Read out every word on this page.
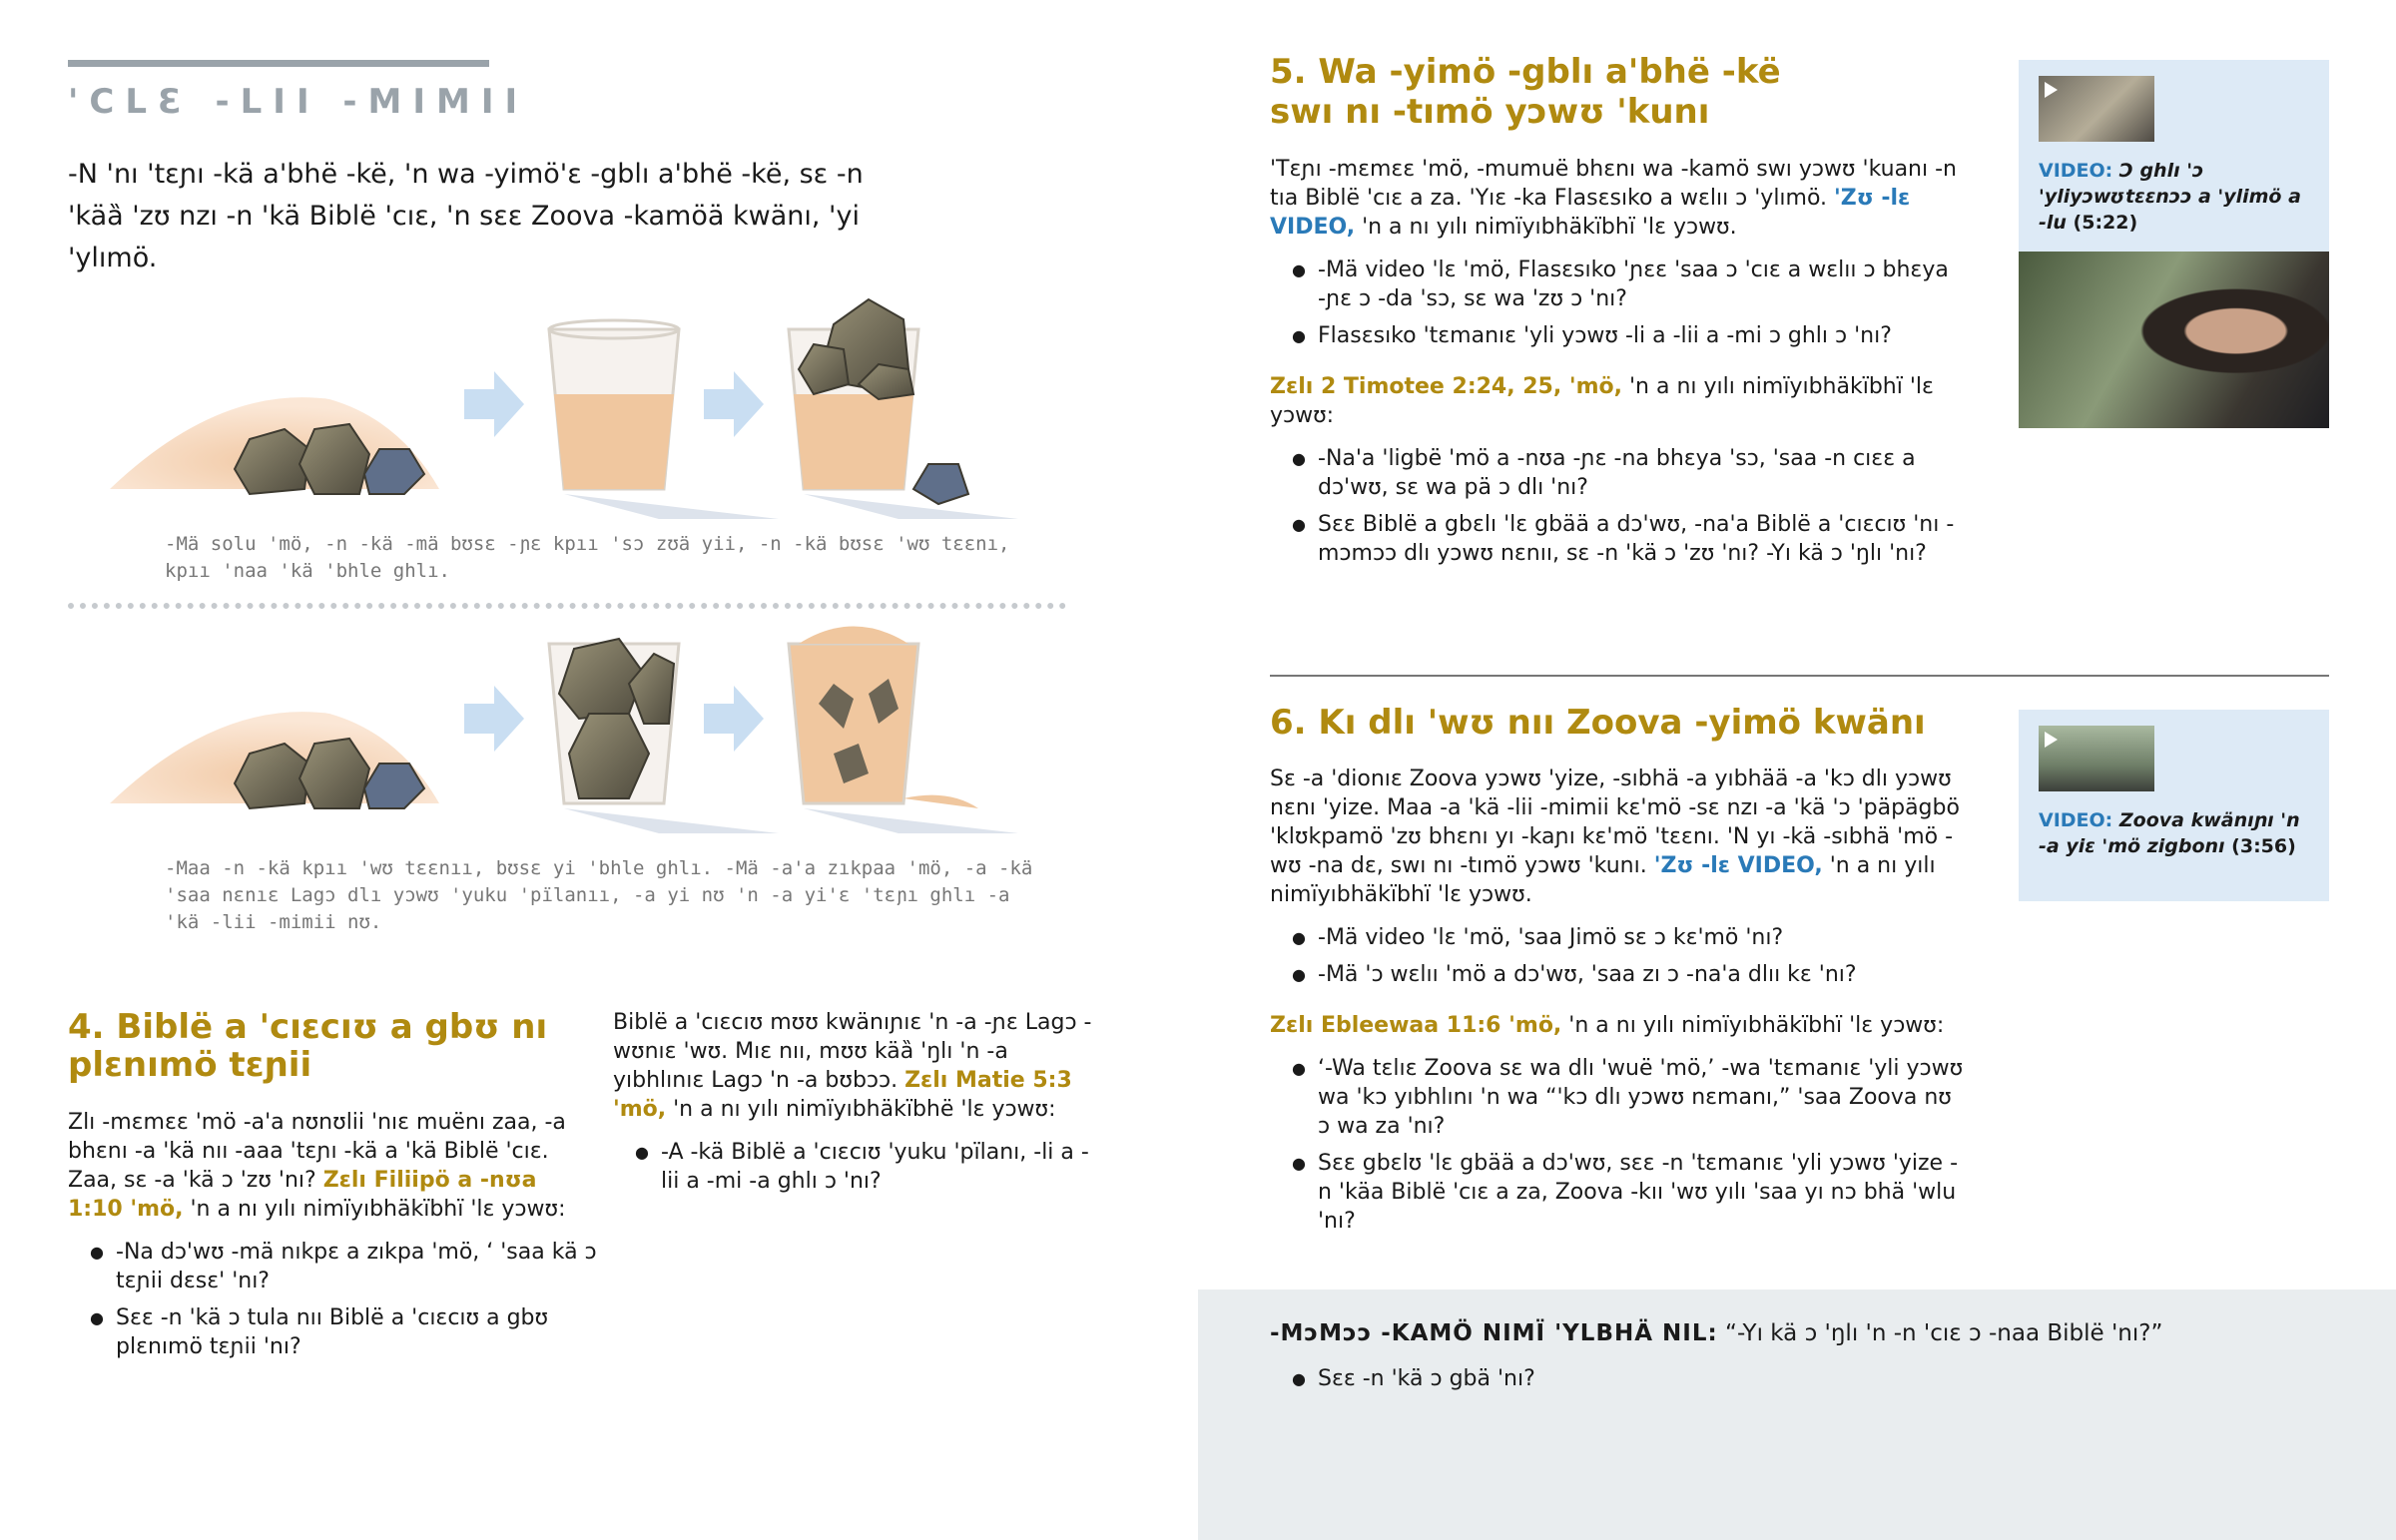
'CLƐ -LII -MIMII
-N 'nı 'tɛɲı -kä a'bhë -kë, 'n wa -yimö'ɛ -gblı a'bhë -kë, sɛ -n 'käȁ 'zʊ nzı -n 'kä Biblë 'cıɛ, 'n sɛɛ Zoova -kamöä kwänı, 'yi 'ylımö.
-Mä solu 'mö, -n -kä -mä bʊsɛ -ɲɛ kpıı 'sɔ zʊä yii, -n -kä bʊsɛ 'wʊ tɛɛnı, kpıı 'naa 'kä 'bhle ghlı.
-Maa -n -kä kpıı 'wʊ tɛɛnıı, bʊsɛ yi 'bhle ghlı. -Mä -a'a zıkpaa 'mö, -a -kä 'saa nɛnıɛ Lagɔ dlı yɔwʊ 'yuku 'pïlanıı, -a yi nʊ 'n -a yi'ɛ 'tɛɲı ghlı -a 'kä -lii -mimii nʊ.
4. Biblë a 'cıɛcıʊ a gbʊ nı plɛnımö tɛɲii
Zlı -mɛmɛɛ 'mö -a'a nʊnʊlii 'nıɛ muënı zaa, -a bhɛnı -a 'kä nıı -aaa 'tɛɲı -kä a 'kä Biblë 'cıɛ. Zaa, sɛ -a 'kä ɔ 'zʊ 'nı? Zɛlı Filiipö a -nʊa 1:10 'mö, 'n a nı yılı nimïyıbhäkïbhï 'lɛ yɔwʊ:
● -Na dɔ'wʊ -mä nıkpɛ a zıkpa 'mö, ‘ 'saa kä ɔ tɛɲii dɛsɛ' 'nı?
● Sɛɛ -n 'kä ɔ tula nıı Biblë a 'cıɛcıʊ a gbʊ plɛnımö tɛɲii 'nı?
Biblë a 'cıɛcıʊ mʊʊ kwänıɲıɛ 'n -a -ɲɛ Lagɔ -wʊnıɛ 'wʊ. Mıɛ nıı, mʊʊ käȁ 'ŋlı 'n -a yıbhlınıɛ Lagɔ 'n -a bʊbɔɔ. Zɛlı Matie 5:3 'mö, 'n a nı yılı nimïyıbhäkïbhë 'lɛ yɔwʊ:
● -A -kä Biblë a 'cıɛcıʊ 'yuku 'pïlanı, -li a -lii a -mi -a ghlı ɔ 'nı?
5. Wa -yimö -gblı a'bhë -kë swı nı -tımö yɔwʊ 'kunı
'Tɛɲı -mɛmɛɛ 'mö, -mumuë bhɛnı wa -kamö swı yɔwʊ 'kuanı -n tıa Biblë 'cıɛ a za. 'Yıɛ -ka Flasɛsıko a wɛlıı ɔ 'ylımö. 'Zʊ -lɛ VIDEO, 'n a nı yılı nimïyıbhäkïbhï 'lɛ yɔwʊ.
● -Mä video 'lɛ 'mö, Flasɛsıko 'ɲɛɛ 'saa ɔ 'cıɛ a wɛlıı ɔ bhɛya -ɲɛ ɔ -da 'sɔ, sɛ wa 'zʊ ɔ 'nı?
● Flasɛsıko 'tɛmanıɛ 'yli yɔwʊ -li a -lii a -mi ɔ ghlı ɔ 'nı?
Zɛlı 2 Timotee 2:24, 25, 'mö, 'n a nı yılı nimïyıbhäkïbhï 'lɛ yɔwʊ:
● -Na'a 'ligbë 'mö a -nʊa -ɲɛ -na bhɛya 'sɔ, 'saa -n cıɛɛ a dɔ'wʊ, sɛ wa pä ɔ dlı 'nı?
● Sɛɛ Biblë a gbɛlı 'lɛ gbää a dɔ'wʊ, -na'a Biblë a 'cıɛcıʊ 'nı -mɔmɔɔ dlı yɔwʊ nɛnıı, sɛ -n 'kä ɔ 'zʊ 'nı? -Yı kä ɔ 'ŋlı 'nı?
VIDEO: Ɔ ghlı 'ɔ 'yliyɔwʊtɛɛnɔɔ a 'ylimö a -lu (5:22)
6. Kı dlı 'wʊ nıı Zoova -yimö kwänı
Sɛ -a 'dionıɛ Zoova yɔwʊ 'yize, -sıbhä -a yıbhää -a 'kɔ dlı yɔwʊ nɛnı 'yize. Maa -a 'kä -lii -mimii kɛ'mö -sɛ nzı -a 'kä 'ɔ 'päpägbö 'klʊkpamö 'zʊ bhɛnı yı -kaɲı kɛ'mö 'tɛɛnı. 'N yı -kä -sıbhä 'mö -wʊ -na dɛ, swı nı -tımö yɔwʊ 'kunı. 'Zʊ -lɛ VIDEO, 'n a nı yılı nimïyıbhäkïbhï 'lɛ yɔwʊ.
● -Mä video 'lɛ 'mö, 'saa Jimö sɛ ɔ kɛ'mö 'nı?
● -Mä 'ɔ wɛlıı 'mö a dɔ'wʊ, 'saa zı ɔ -na'a dlıı kɛ 'nı?
Zɛlı Ebleewaa 11:6 'mö, 'n a nı yılı nimïyıbhäkïbhï 'lɛ yɔwʊ:
● ‘-Wa tɛlıɛ Zoova sɛ wa dlı 'wuë 'mö,’ -wa 'tɛmanıɛ 'yli yɔwʊ wa 'kɔ yıbhlını 'n wa “'kɔ dlı yɔwʊ nɛmanı,” 'saa Zoova nʊ ɔ wa za 'nı?
● Sɛɛ gbɛlʊ 'lɛ gbää a dɔ'wʊ, sɛɛ -n 'tɛmanıɛ 'yli yɔwʊ 'yize -n 'käa Biblë 'cıɛ a za, Zoova -kıı 'wʊ yılı 'saa yı nɔ bhä 'wlu 'nı?
VIDEO: Zoova kwänıɲı 'n -a yiɛ 'mö zigbonı (3:56)
-MɔMɔɔ -KAMÖ NIMÏ 'YLBHÄ NIL: “-Yı kä ɔ 'ŋlı 'n -n 'cıɛ ɔ -naa Biblë 'nı?”
● Sɛɛ -n 'kä ɔ gbä 'nı?
